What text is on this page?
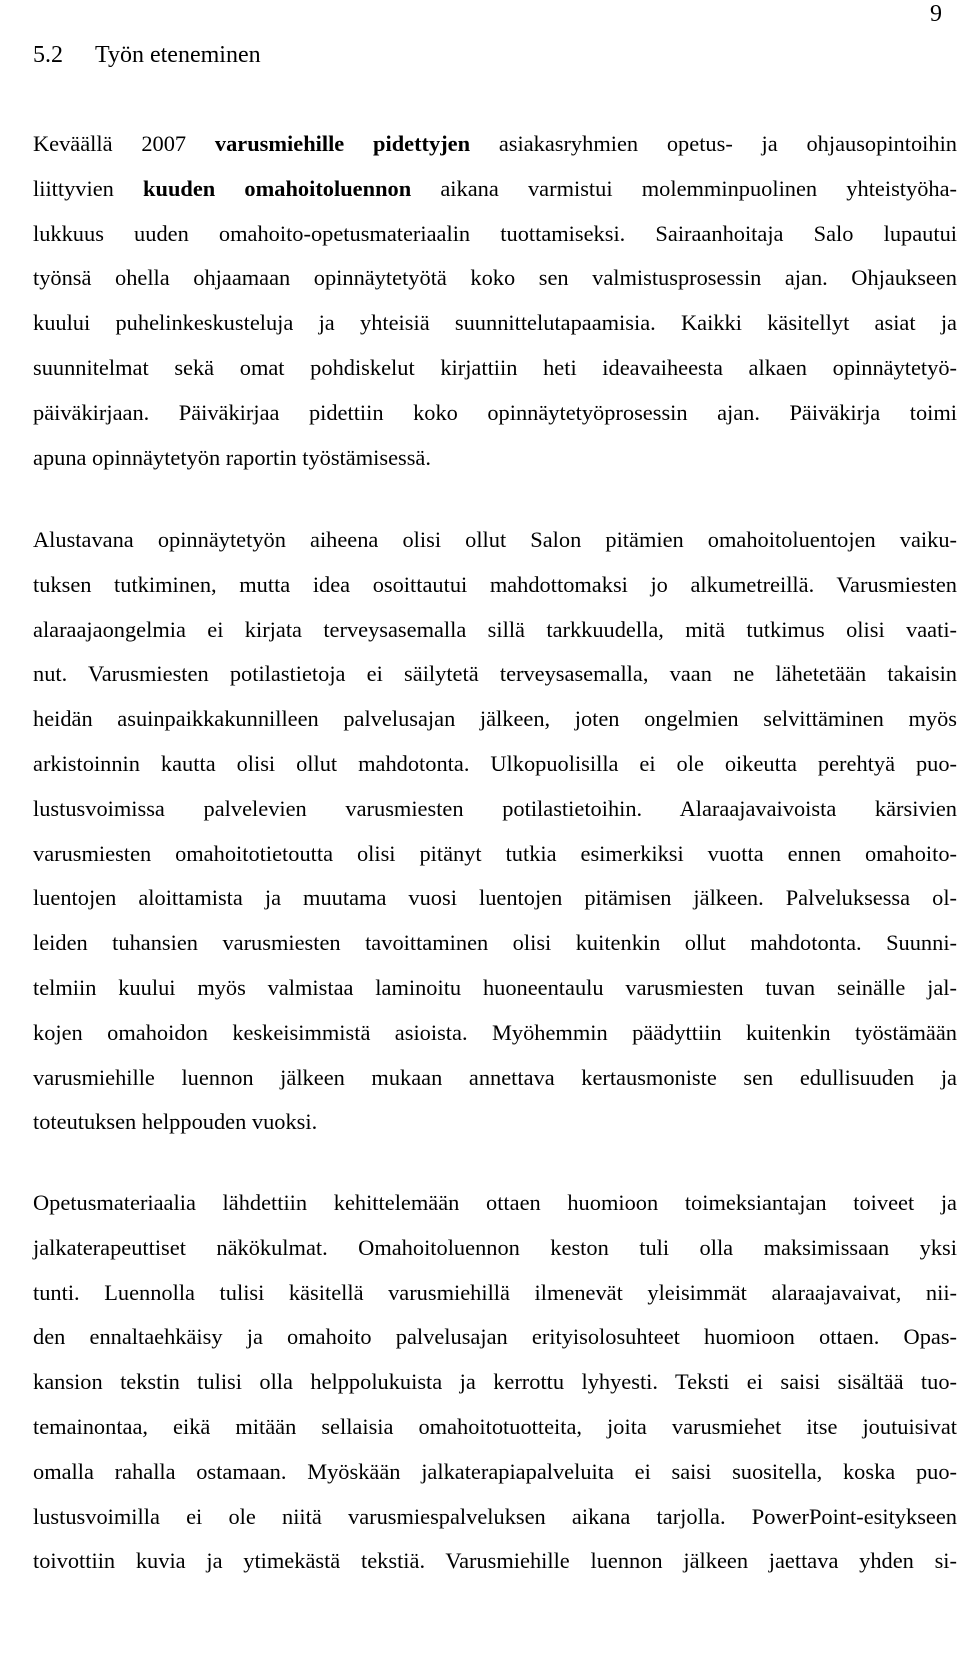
9
5.2 Työn eteneminen
Keväällä 2007 varusmiehille pidettyjen asiakasryhmien opetus- ja ohjausopintoihin
liittyvien kuuden omahoitoluennon aikana varmistui molemminpuolinen yhteistyöha-
lukkuus uuden omahoito-opetusmateriaalin tuottamiseksi. Sairaanhoitaja Salo lupautui
työnsä ohella ohjaamaan opinnäytetyötä koko sen valmistusprosessin ajan. Ohjaukseen
kuului puhelinkeskusteluja ja yhteisiä suunnittelutapaamisia. Kaikki käsitellyt asiat ja
suunnitelmat sekä omat pohdiskelut kirjattiin heti ideavaiheesta alkaen opinnäytetyö-
päiväkirjaan. Päiväkirjaa pidettiin koko opinnäytetyöprosessin ajan. Päiväkirja toimi
apuna opinnäytetyön raportin työstämisessä.
Alustavana opinnäytetyön aiheena olisi ollut Salon pitämien omahoitoluentojen vaiku-
tuksen tutkiminen, mutta idea osoittautui mahdottomaksi jo alkumetreillä. Varusmiesten
alaraajaongelmia ei kirjata terveysasemalla sillä tarkkuudella, mitä tutkimus olisi vaati-
nut. Varusmiesten potilastietoja ei säilytetä terveysasemalla, vaan ne lähetetään takaisin
heidän asuinpaikkakunnilleen palvelusajan jälkeen, joten ongelmien selvittäminen myös
arkistoinnin kautta olisi ollut mahdotonta. Ulkopuolisilla ei ole oikeutta perehtyä puo-
lustusvoimissa palvelevien varusmiesten potilastietoihin. Alaraajavaivoista kärsivien
varusmiesten omahoitotietoutta olisi pitänyt tutkia esimerkiksi vuotta ennen omahoito-
luentojen aloittamista ja muutama vuosi luentojen pitämisen jälkeen. Palveluksessa ol-
leiden tuhansien varusmiesten tavoittaminen olisi kuitenkin ollut mahdotonta. Suunni-
telmiin kuului myös valmistaa laminoitu huoneentaulu varusmiesten tuvan seinälle jal-
kojen omahoidon keskeisimmistä asioista. Myöhemmin päädyttiin kuitenkin työstämään
varusmiehille luennon jälkeen mukaan annettava kertausmoniste sen edullisuuden ja
toteutuksen helppouden vuoksi.
Opetusmateriaalia lähdettiin kehittelemään ottaen huomioon toimeksiantajan toiveet ja
jalkaterapeuttiset näkökulmat. Omahoitoluennon keston tuli olla maksimissaan yksi
tunti. Luennolla tulisi käsitellä varusmiehillä ilmenevät yleisimmät alaraajavaivat, nii-
den ennaltaehkäisy ja omahoito palvelusajan erityisolosuhteet huomioon ottaen. Opas-
kansion tekstin tulisi olla helppolukuista ja kerrottu lyhyesti. Teksti ei saisi sisältää tuo-
temainontaa, eikä mitään sellaisia omahoitotuotteita, joita varusmiehet itse joutuisivat
omalla rahalla ostamaan. Myöskään jalkaterapiapalveluita ei saisi suositella, koska puo-
lustusvoimilla ei ole niitä varusmiespalveluksen aikana tarjolla. PowerPoint-esitykseen
toivottiin kuvia ja ytimekästä tekstiä. Varusmiehille luennon jälkeen jaettava yhden si-
